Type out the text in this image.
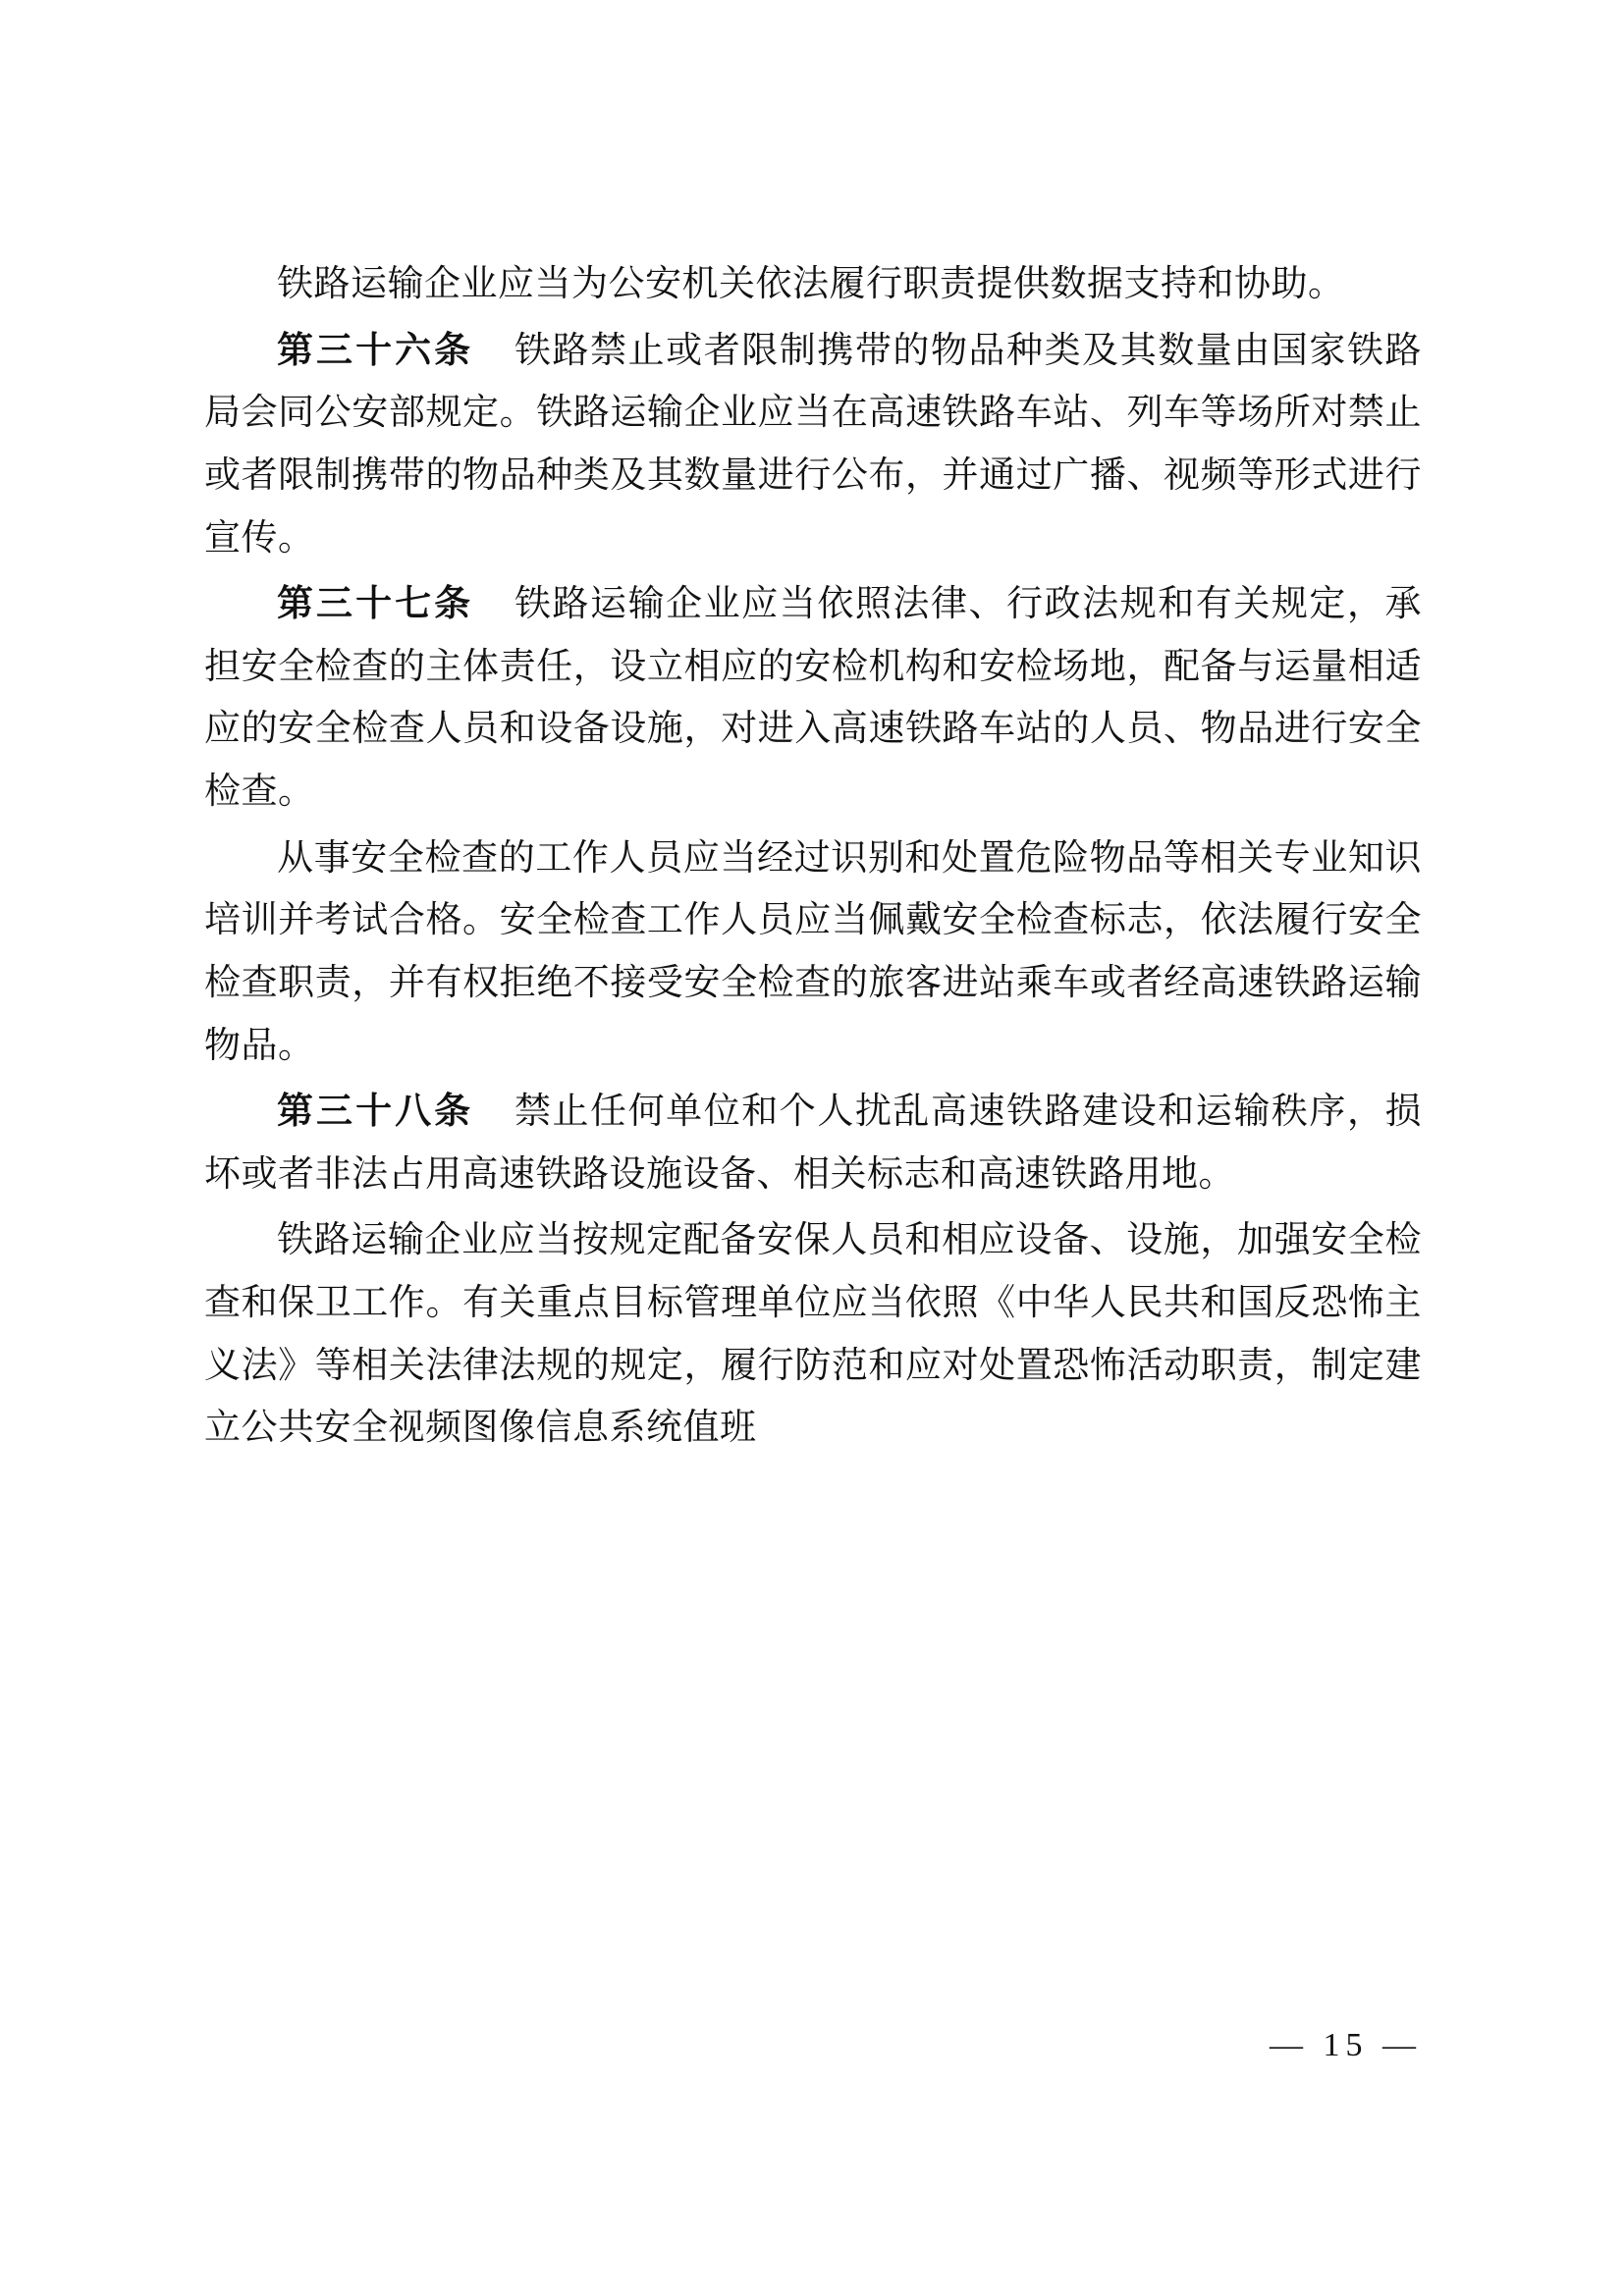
铁路运输企业应当为公安机关依法履行职责提供数据支持和协助。

第三十六条 铁路禁止或者限制携带的物品种类及其数量由国家铁路局会同公安部规定。铁路运输企业应当在高速铁路车站、列车等场所对禁止或者限制携带的物品种类及其数量进行公布，并通过广播、视频等形式进行宣传。

第三十七条 铁路运输企业应当依照法律、行政法规和有关规定，承担安全检查的主体责任，设立相应的安检机构和安检场地，配备与运量相适应的安全检查人员和设备设施，对进入高速铁路车站的人员、物品进行安全检查。

从事安全检查的工作人员应当经过识别和处置危险物品等相关专业知识培训并考试合格。安全检查工作人员应当佩戴安全检查标志，依法履行安全检查职责，并有权拒绝不接受安全检查的旅客进站乘车或者经高速铁路运输物品。

第三十八条 禁止任何单位和个人扰乱高速铁路建设和运输秩序，损坏或者非法占用高速铁路设施设备、相关标志和高速铁路用地。

铁路运输企业应当按规定配备安保人员和相应设备、设施，加强安全检查和保卫工作。有关重点目标管理单位应当依照《中华人民共和国反恐怖主义法》等相关法律法规的规定，履行防范和应对处置恐怖活动职责，制定建立公共安全视频图像信息系统值班

— 15 —
